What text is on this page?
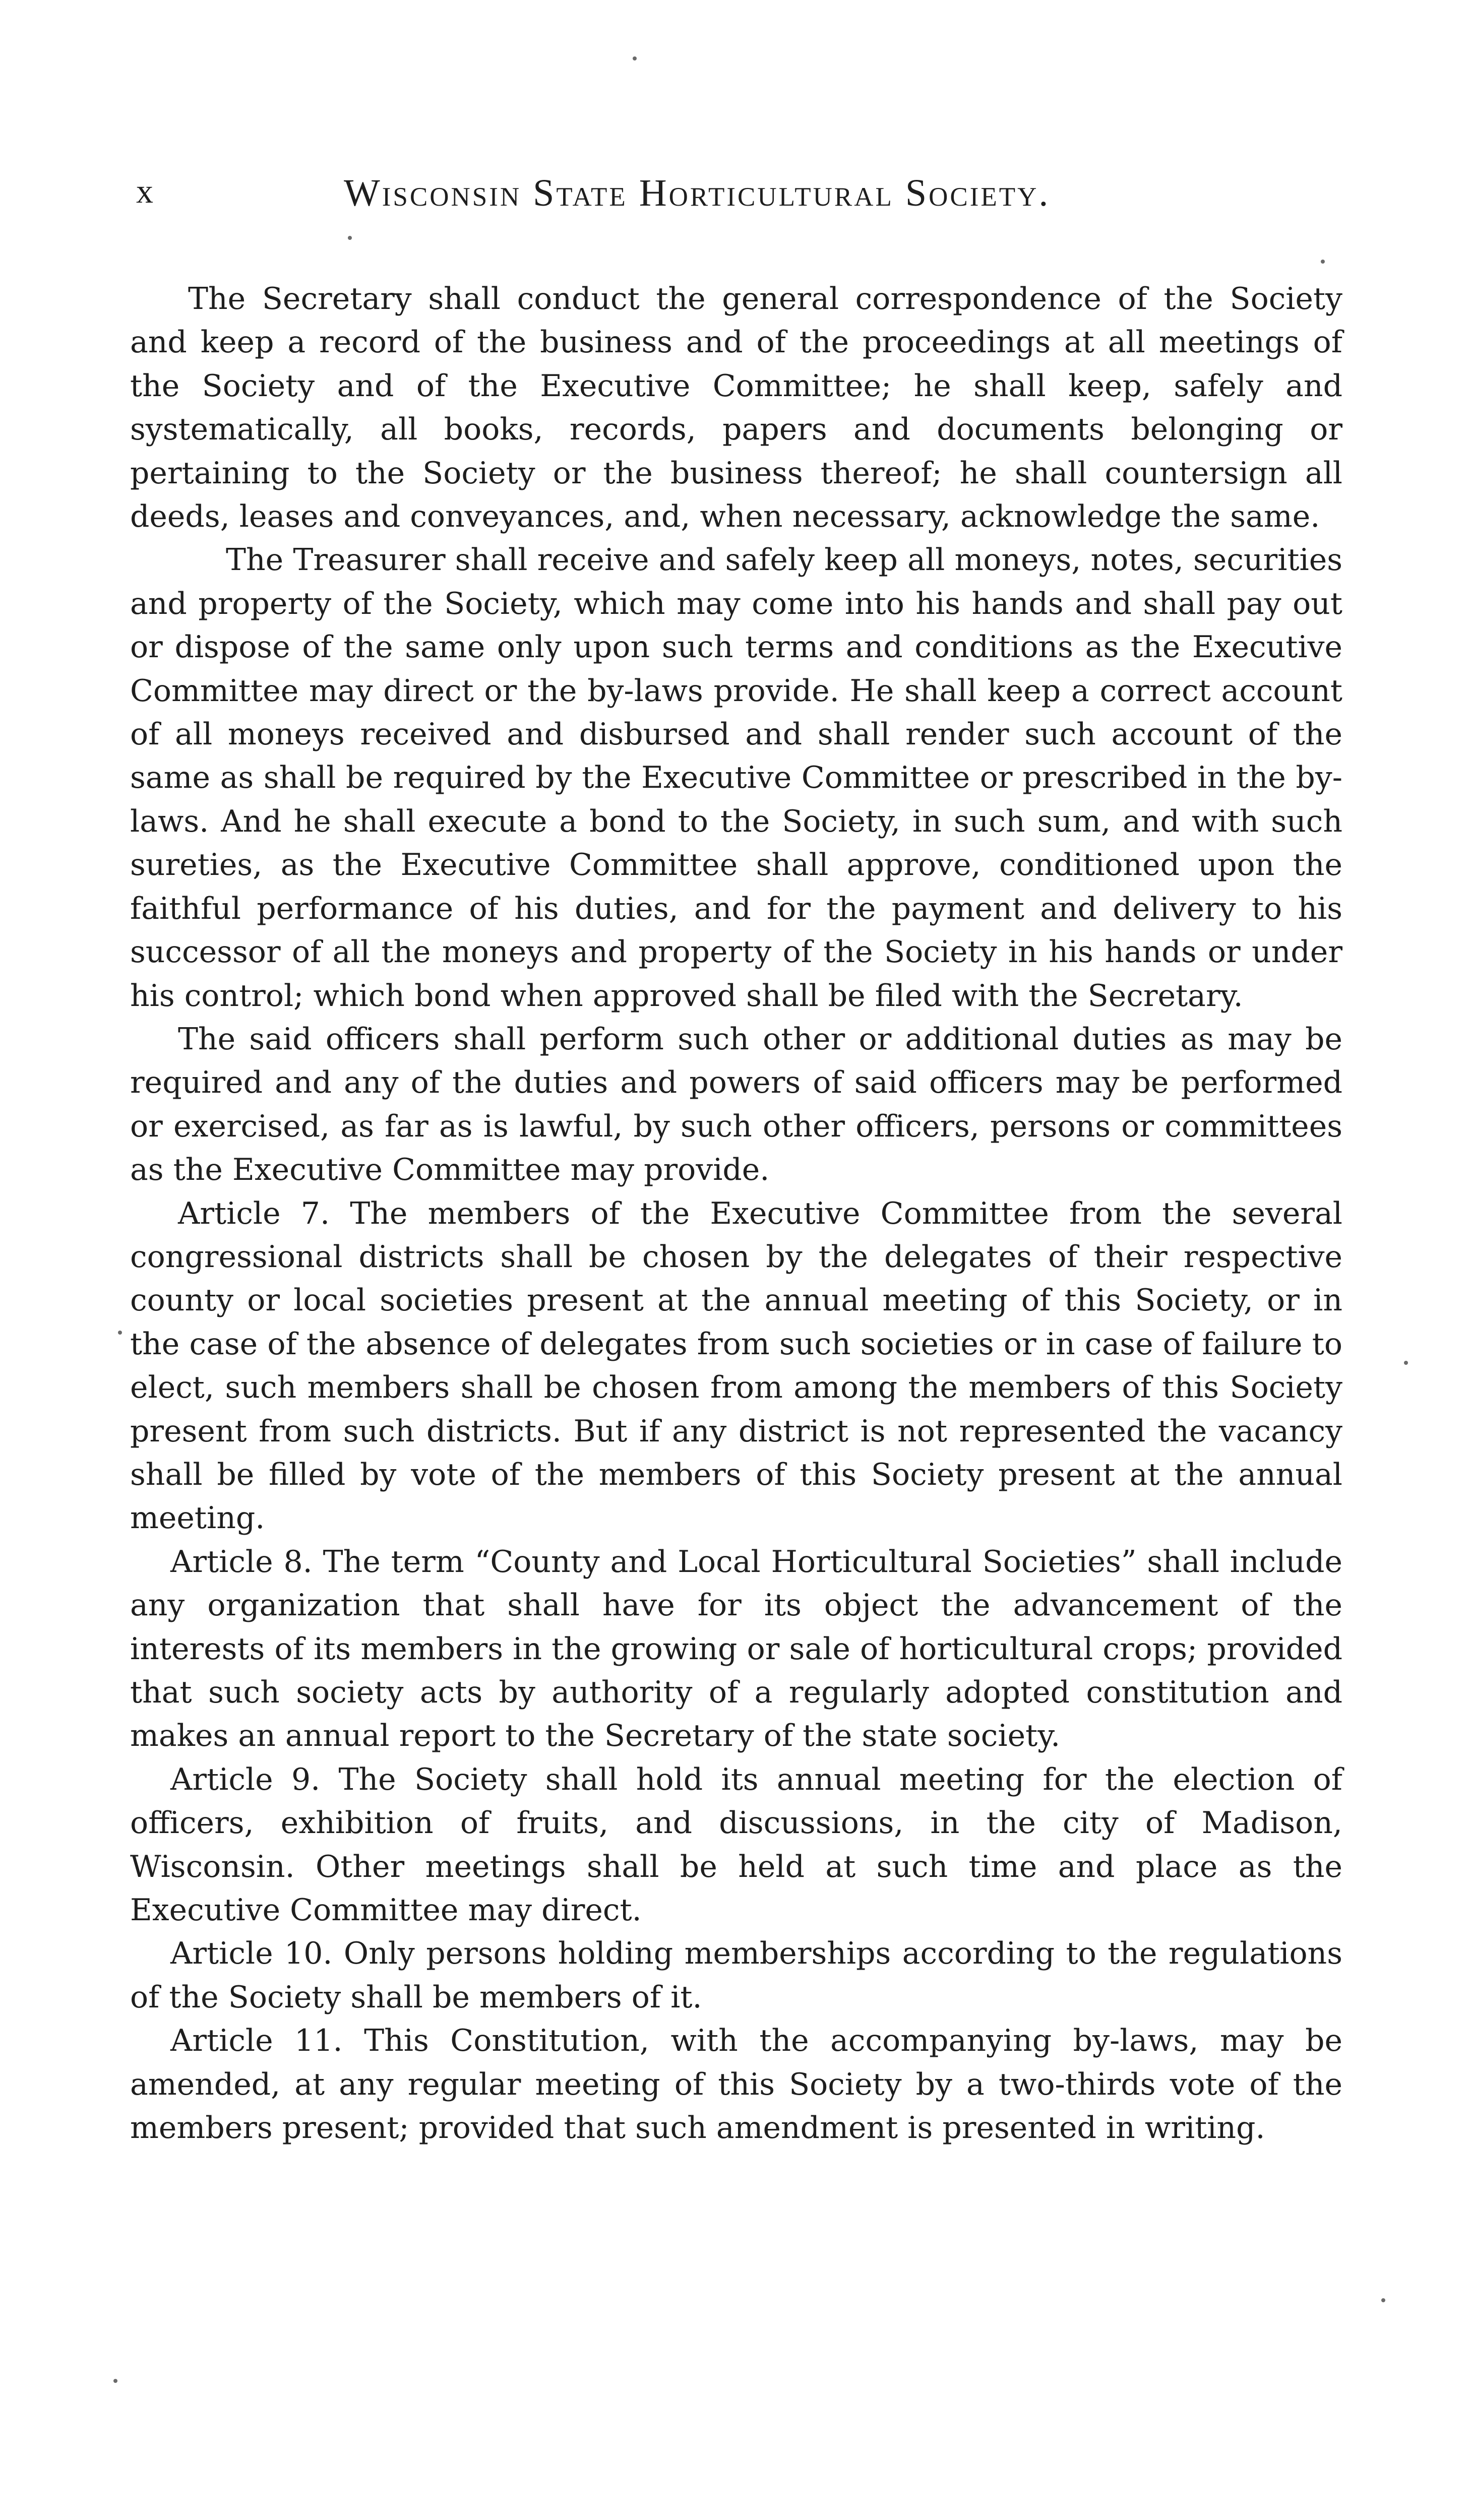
x	Wisconsin State Horticultural Society.

The Secretary shall conduct the general correspondence of the Society and keep a record of the business and of the proceedings at all meetings of the Society and of the Executive Committee; he shall keep, safely and systematically, all books, records, papers and documents belonging or pertaining to the Society or the business thereof; he shall countersign all deeds, leases and conveyances, and, when necessary, acknowledge the same.

The Treasurer shall receive and safely keep all moneys, notes, securities and property of the Society, which may come into his hands and shall pay out or dispose of the same only upon such terms and conditions as the Executive Committee may direct or the by-laws provide. He shall keep a correct account of all moneys received and disbursed and shall render such account of the same as shall be required by the Executive Committee or prescribed in the by-laws. And he shall execute a bond to the Society, in such sum, and with such sureties, as the Executive Committee shall approve, conditioned upon the faithful performance of his duties, and for the payment and delivery to his successor of all the moneys and property of the Society in his hands or under his control; which bond when approved shall be filed with the Secretary.

The said officers shall perform such other or additional duties as may be required and any of the duties and powers of said officers may be performed or exercised, as far as is lawful, by such other officers, persons or committees as the Executive Committee may provide.

Article 7. The members of the Executive Committee from the several congressional districts shall be chosen by the delegates of their respective county or local societies present at the annual meeting of this Society, or in the case of the absence of delegates from such societies or in case of failure to elect, such members shall be chosen from among the members of this Society present from such districts. But if any district is not represented the vacancy shall be filled by vote of the members of this Society present at the annual meeting.

Article 8. The term “County and Local Horticultural Societies” shall include any organization that shall have for its object the advancement of the interests of its members in the growing or sale of horticultural crops; provided that such society acts by authority of a regularly adopted constitution and makes an annual report to the Secretary of the state society.

Article 9. The Society shall hold its annual meeting for the election of officers, exhibition of fruits, and discussions, in the city of Madison, Wisconsin. Other meetings shall be held at such time and place as the Executive Committee may direct.

Article 10. Only persons holding memberships according to the regulations of the Society shall be members of it.

Article 11. This Constitution, with the accompanying by-laws, may be amended, at any regular meeting of this Society by a two-thirds vote of the members present; provided that such amendment is presented in writing.
